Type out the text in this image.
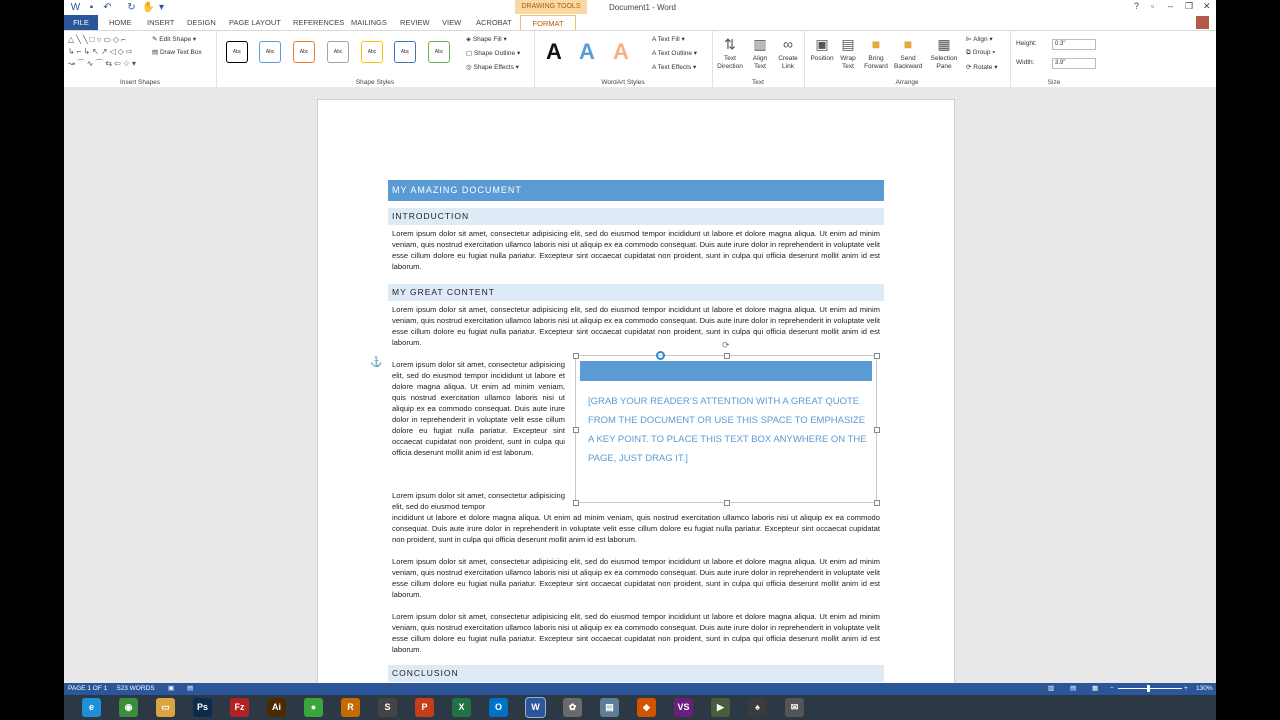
W ▪	↶ ↻ ✋ ▾	DRAWING TOOLS	Document1 - Word	? ▫ – ❐ ✕
FILE	HOME INSERT DESIGN PAGE LAYOUT REFERENCES MAILINGS REVIEW VIEW ACROBAT	FORMAT
△╲╲□○▭◇⌐
↳⌐↳↖↗◁◇⇨
↝⌒∿⌒⇆⇦☆▾
✎ Edit Shape ▾
▤ Draw Text Box
Insert Shapes
Abc	Abc	Abc	Abc	Abc	Abc	Abc
◈ Shape Fill ▾
▢ Shape Outline ▾
◎ Shape Effects ▾
Shape Styles
A A A	A Text Fill ▾
A Text Outline ▾
A Text Effects ▾
WordArt Styles
⇅
Text
Direction
▥
Align
Text
∞
Create
Link
Text
▣
Position
▤
Wrap
Text
■
Bring
Forward
■
Send
Backward
▦
Selection
Pane
⊫ Align ▾
⧉ Group ▾
⟳ Rotate ▾
Arrange
Height:	0.3"
Width:	3.9"
Size
MY AMAZING DOCUMENT
INTRODUCTION
Lorem ipsum dolor sit amet, consectetur adipisicing elit, sed do eiusmod tempor incididunt ut labore et dolore magna aliqua. Ut enim ad minim veniam, quis nostrud exercitation ullamco laboris nisi ut aliquip ex ea commodo consequat. Duis aute irure dolor in reprehenderit in voluptate velit esse cillum dolore eu fugiat nulla pariatur. Excepteur sint occaecat cupidatat non proident, sunt in culpa qui officia deserunt mollit anim id est laborum.
MY GREAT CONTENT
Lorem ipsum dolor sit amet, consectetur adipisicing elit, sed do eiusmod tempor incididunt ut labore et dolore magna aliqua. Ut enim ad minim veniam, quis nostrud exercitation ullamco laboris nisi ut aliquip ex ea commodo consequat. Duis aute irure dolor in reprehenderit in voluptate velit esse cillum dolore eu fugiat nulla pariatur. Excepteur sint occaecat cupidatat non proident, sunt in culpa qui officia deserunt mollit anim id est laborum.
⚓ Lorem ipsum dolor sit amet, consectetur adipisicing elit, sed do eiusmod tempor incididunt ut labore et dolore magna aliqua. Ut enim ad minim veniam, quis nostrud exercitation ullamco laboris nisi ut aliquip ex ea commodo consequat. Duis aute irure dolor in reprehenderit in voluptate velit esse cillum dolore eu fugiat nulla pariatur. Excepteur sint occaecat cupidatat non proident, sunt in culpa qui officia deserunt mollit anim id est laborum.
Lorem ipsum dolor sit amet, consectetur adipisicing elit, sed do eiusmod tempor
incididunt ut labore et dolore magna aliqua. Ut enim ad minim veniam, quis nostrud exercitation ullamco laboris nisi ut aliquip ex ea commodo consequat. Duis aute irure dolor in reprehenderit in voluptate velit esse cillum dolore eu fugiat nulla pariatur. Excepteur sint occaecat cupidatat non proident, sunt in culpa qui officia deserunt mollit anim id est laborum.
Lorem ipsum dolor sit amet, consectetur adipisicing elit, sed do eiusmod tempor incididunt ut labore et dolore magna aliqua. Ut enim ad minim veniam, quis nostrud exercitation ullamco laboris nisi ut aliquip ex ea commodo consequat. Duis aute irure dolor in reprehenderit in voluptate velit esse cillum dolore eu fugiat nulla pariatur. Excepteur sint occaecat cupidatat non proident, sunt in culpa qui officia deserunt mollit anim id est laborum.
Lorem ipsum dolor sit amet, consectetur adipisicing elit, sed do eiusmod tempor incididunt ut labore et dolore magna aliqua. Ut enim ad minim veniam, quis nostrud exercitation ullamco laboris nisi ut aliquip ex ea commodo consequat. Duis aute irure dolor in reprehenderit in voluptate velit esse cillum dolore eu fugiat nulla pariatur. Excepteur sint occaecat cupidatat non proident, sunt in culpa qui officia deserunt mollit anim id est laborum.
CONCLUSION
[GRAB YOUR READER’S ATTENTION WITH A GREAT QUOTE FROM THE DOCUMENT OR USE THIS SPACE TO EMPHASIZE A KEY POINT. TO PLACE THIS TEXT BOX ANYWHERE ON THE PAGE, JUST DRAG IT.]
⟳
PAGE 1 OF 1 523 WORDS ▣ ▤	▥ ▤ ▦ −	+ 130%
e	◉	▭	Ps	Fz	Ai	●	R	S	P	X	O	W	✿	▤	◆	VS	▶	♠	✉
